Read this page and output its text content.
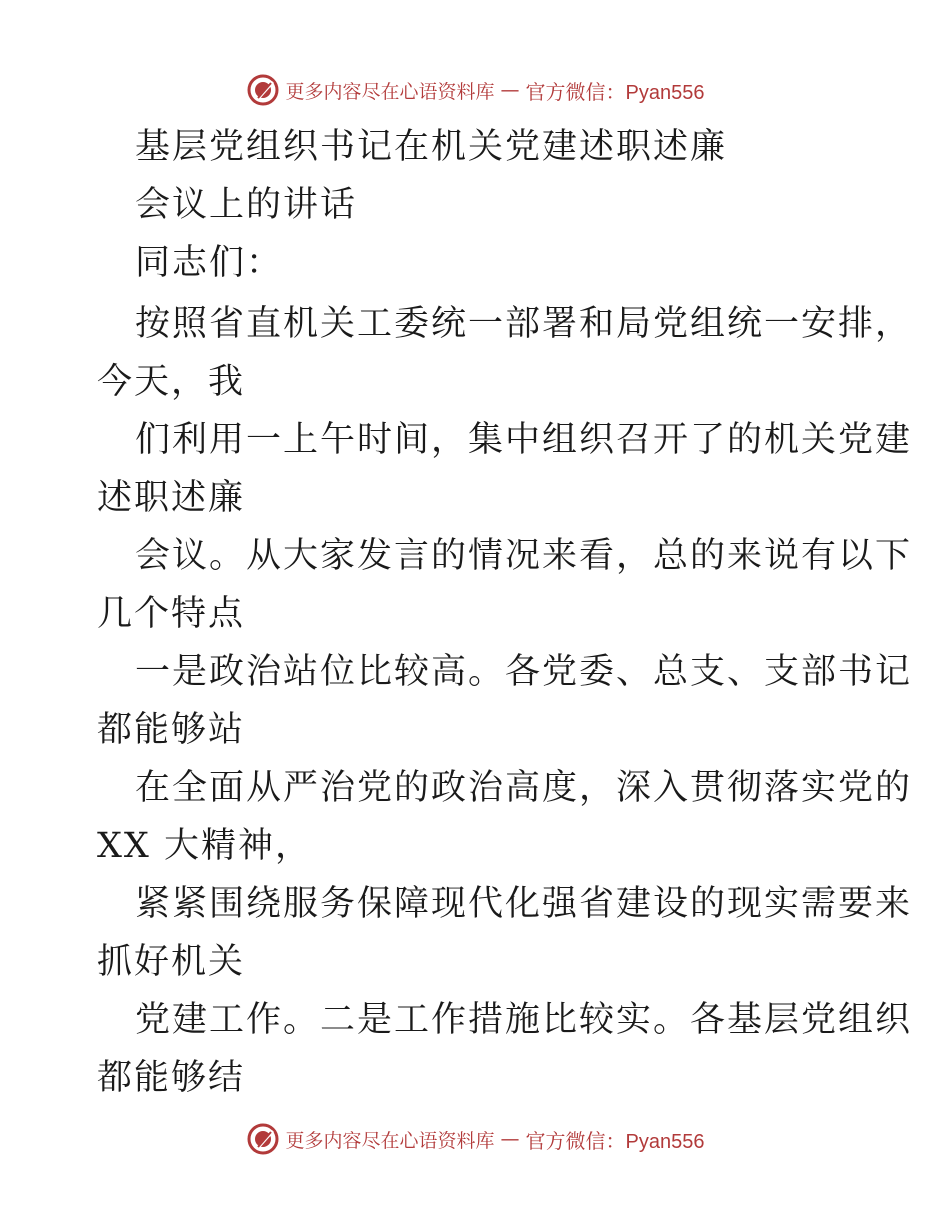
更多内容尽在心语资料库 — 官方微信：Pyan556
基层党组织书记在机关党建述职述廉
会议上的讲话
同志们：
按照省直机关工委统一部署和局党组统一安排，
今天，我
们利用一上午时间，集中组织召开了的机关党建
述职述廉
会议。从大家发言的情况来看，总的来说有以下
几个特点
一是政治站位比较高。各党委、总支、支部书记
都能够站
在全面从严治党的政治高度，深入贯彻落实党的
XX 大精神，
紧紧围绕服务保障现代化强省建设的现实需要来
抓好机关
党建工作。二是工作措施比较实。各基层党组织
都能够结
更多内容尽在心语资料库 — 官方微信：Pyan556
